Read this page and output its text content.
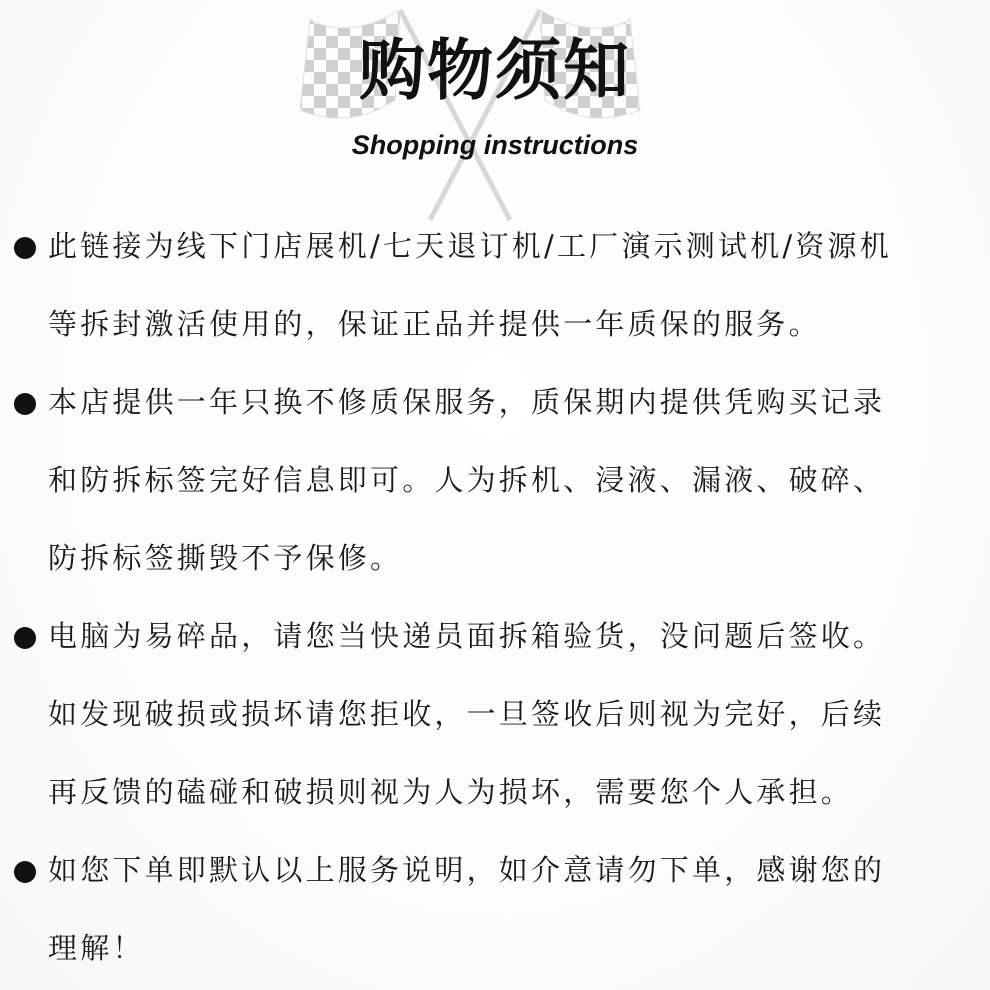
购物须知
Shopping instructions
此链接为线下门店展机/七天退订机/工厂演示测试机/资源机
等拆封激活使用的，保证正品并提供一年质保的服务。
本店提供一年只换不修质保服务，质保期内提供凭购买记录
和防拆标签完好信息即可。人为拆机、浸液、漏液、破碎、
防拆标签撕毁不予保修。
电脑为易碎品，请您当快递员面拆箱验货，没问题后签收。
如发现破损或损坏请您拒收，一旦签收后则视为完好，后续
再反馈的磕碰和破损则视为人为损坏，需要您个人承担。
如您下单即默认以上服务说明，如介意请勿下单，感谢您的
理解！
